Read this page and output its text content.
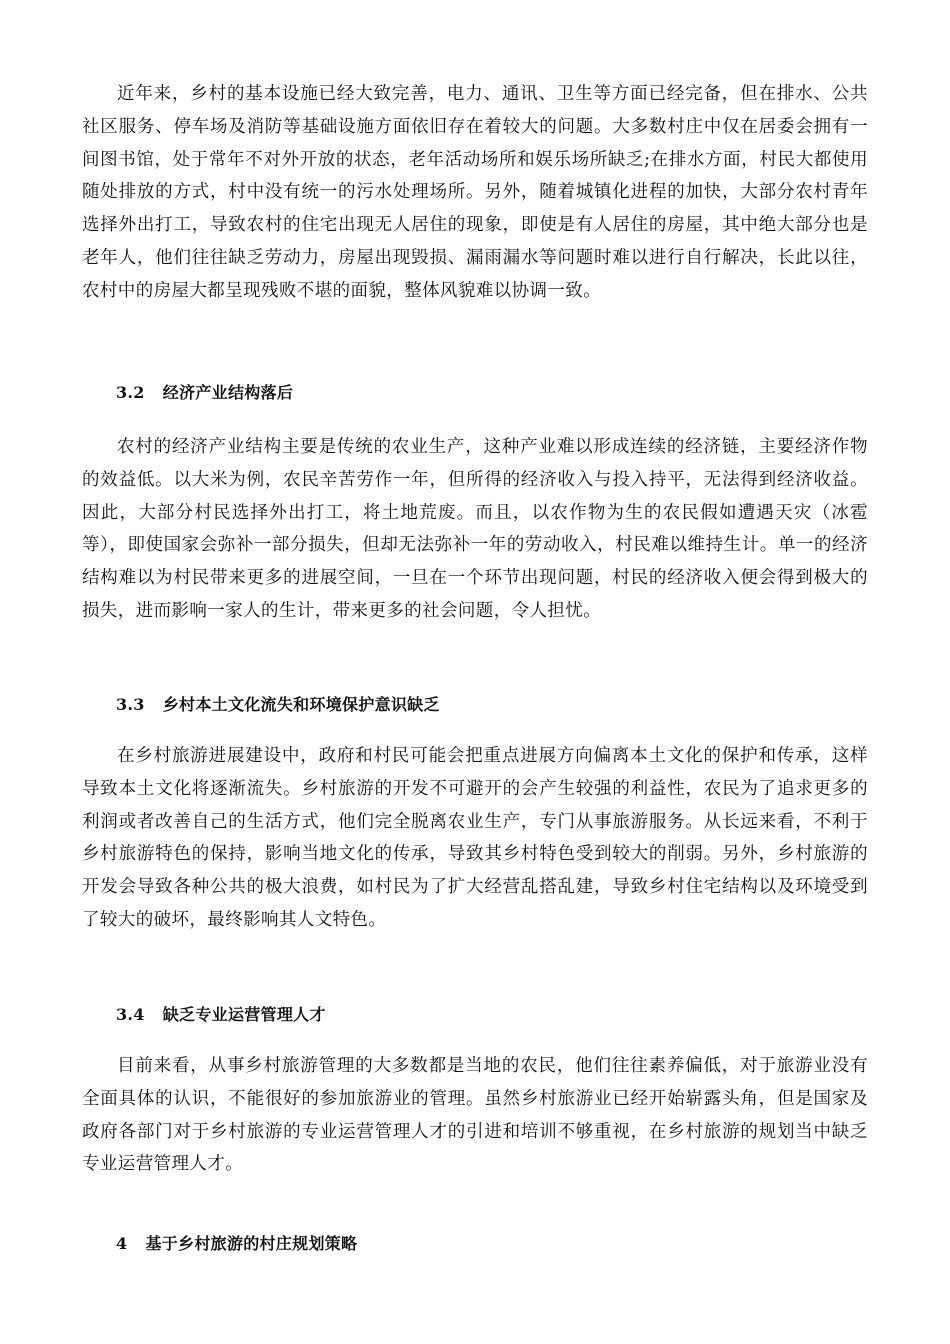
近年来，乡村的基本设施已经大致完善，电力、通讯、卫生等方面已经完备，但在排水、公共社区服务、停车场及消防等基础设施方面依旧存在着较大的问题。大多数村庄中仅在居委会拥有一间图书馆，处于常年不对外开放的状态，老年活动场所和娱乐场所缺乏;在排水方面，村民大都使用随处排放的方式，村中没有统一的污水处理场所。另外，随着城镇化进程的加快，大部分农村青年选择外出打工，导致农村的住宅出现无人居住的现象，即使是有人居住的房屋，其中绝大部分也是老年人，他们往往缺乏劳动力，房屋出现毁损、漏雨漏水等问题时难以进行自行解决，长此以往，农村中的房屋大都呈现残败不堪的面貌，整体风貌难以协调一致。

3.2 经济产业结构落后

农村的经济产业结构主要是传统的农业生产，这种产业难以形成连续的经济链，主要经济作物的效益低。以大米为例，农民辛苦劳作一年，但所得的经济收入与投入持平，无法得到经济收益。因此，大部分村民选择外出打工，将土地荒废。而且，以农作物为生的农民假如遭遇天灾（冰雹等），即使国家会弥补一部分损失，但却无法弥补一年的劳动收入，村民难以维持生计。单一的经济结构难以为村民带来更多的进展空间，一旦在一个环节出现问题，村民的经济收入便会得到极大的损失，进而影响一家人的生计，带来更多的社会问题，令人担忧。

3.3 乡村本土文化流失和环境保护意识缺乏

在乡村旅游进展建设中，政府和村民可能会把重点进展方向偏离本土文化的保护和传承，这样导致本土文化将逐渐流失。乡村旅游的开发不可避开的会产生较强的利益性，农民为了追求更多的利润或者改善自己的生活方式，他们完全脱离农业生产，专门从事旅游服务。从长远来看，不利于乡村旅游特色的保持，影响当地文化的传承，导致其乡村特色受到较大的削弱。另外，乡村旅游的开发会导致各种公共的极大浪费，如村民为了扩大经营乱搭乱建，导致乡村住宅结构以及环境受到了较大的破坏，最终影响其人文特色。

3.4 缺乏专业运营管理人才

目前来看，从事乡村旅游管理的大多数都是当地的农民，他们往往素养偏低，对于旅游业没有全面具体的认识，不能很好的参加旅游业的管理。虽然乡村旅游业已经开始崭露头角，但是国家及政府各部门对于乡村旅游的专业运营管理人才的引进和培训不够重视，在乡村旅游的规划当中缺乏专业运营管理人才。

4 基于乡村旅游的村庄规划策略
